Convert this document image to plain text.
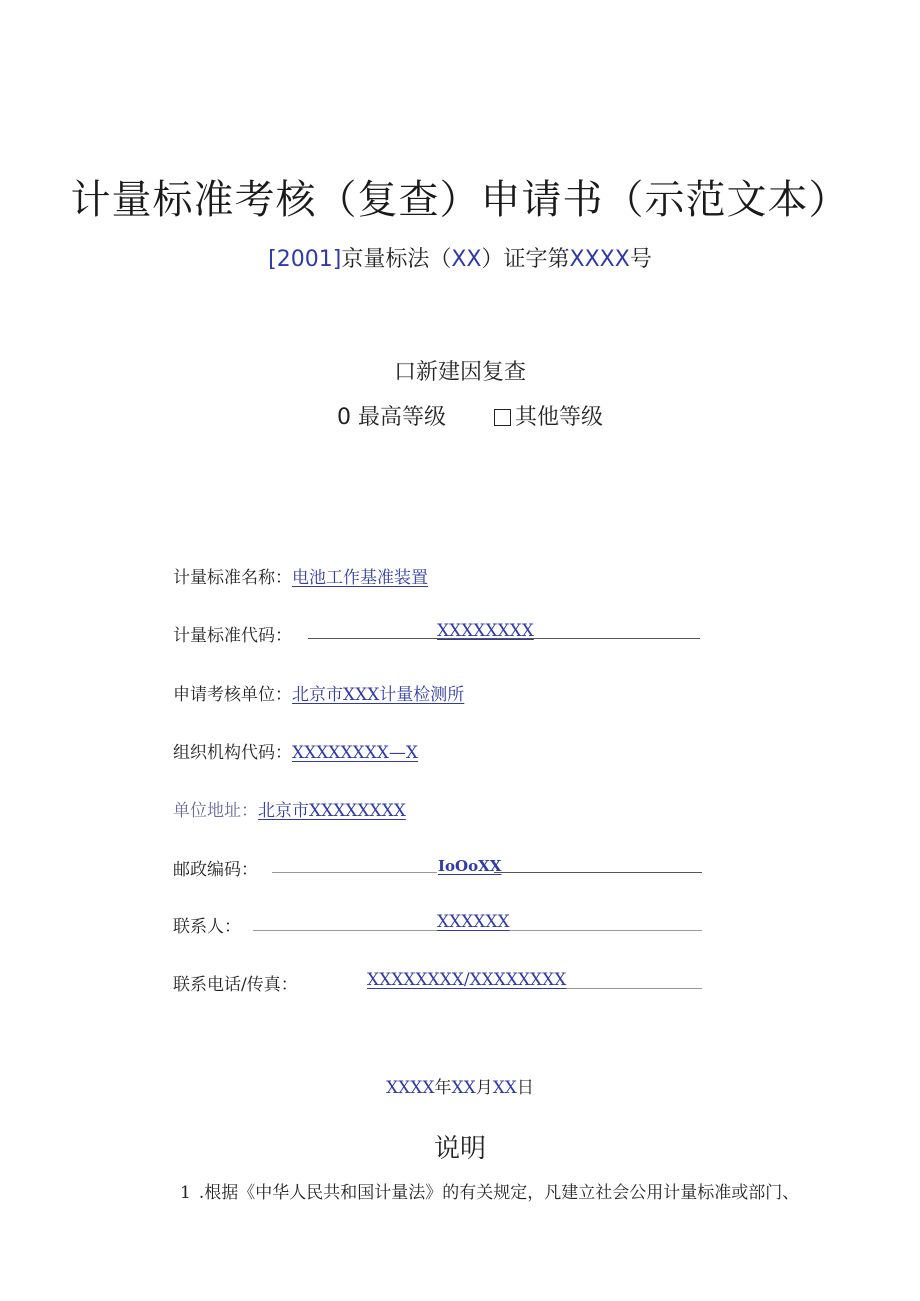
计量标准考核（复查）申请书（示范文本）
[2001]京量标法（XX）证字第XXXX号
口新建因复查
0 最高等级	其他等级
计量标准名称：电池工作基准装置
计量标准代码：	XXXXXXXX
申请考核单位：北京市XXX计量检测所
组织机构代码：XXXXXXXX—X
单位地址：北京市XXXXXXXX
邮政编码：	IoOoXX
联系人：	XXXXXX
联系电话/传真：	XXXXXXXX/XXXXXXXX
XXXX年XX月XX日
说明
1 .根据《中华人民共和国计量法》的有关规定，凡建立社会公用计量标准或部门、
